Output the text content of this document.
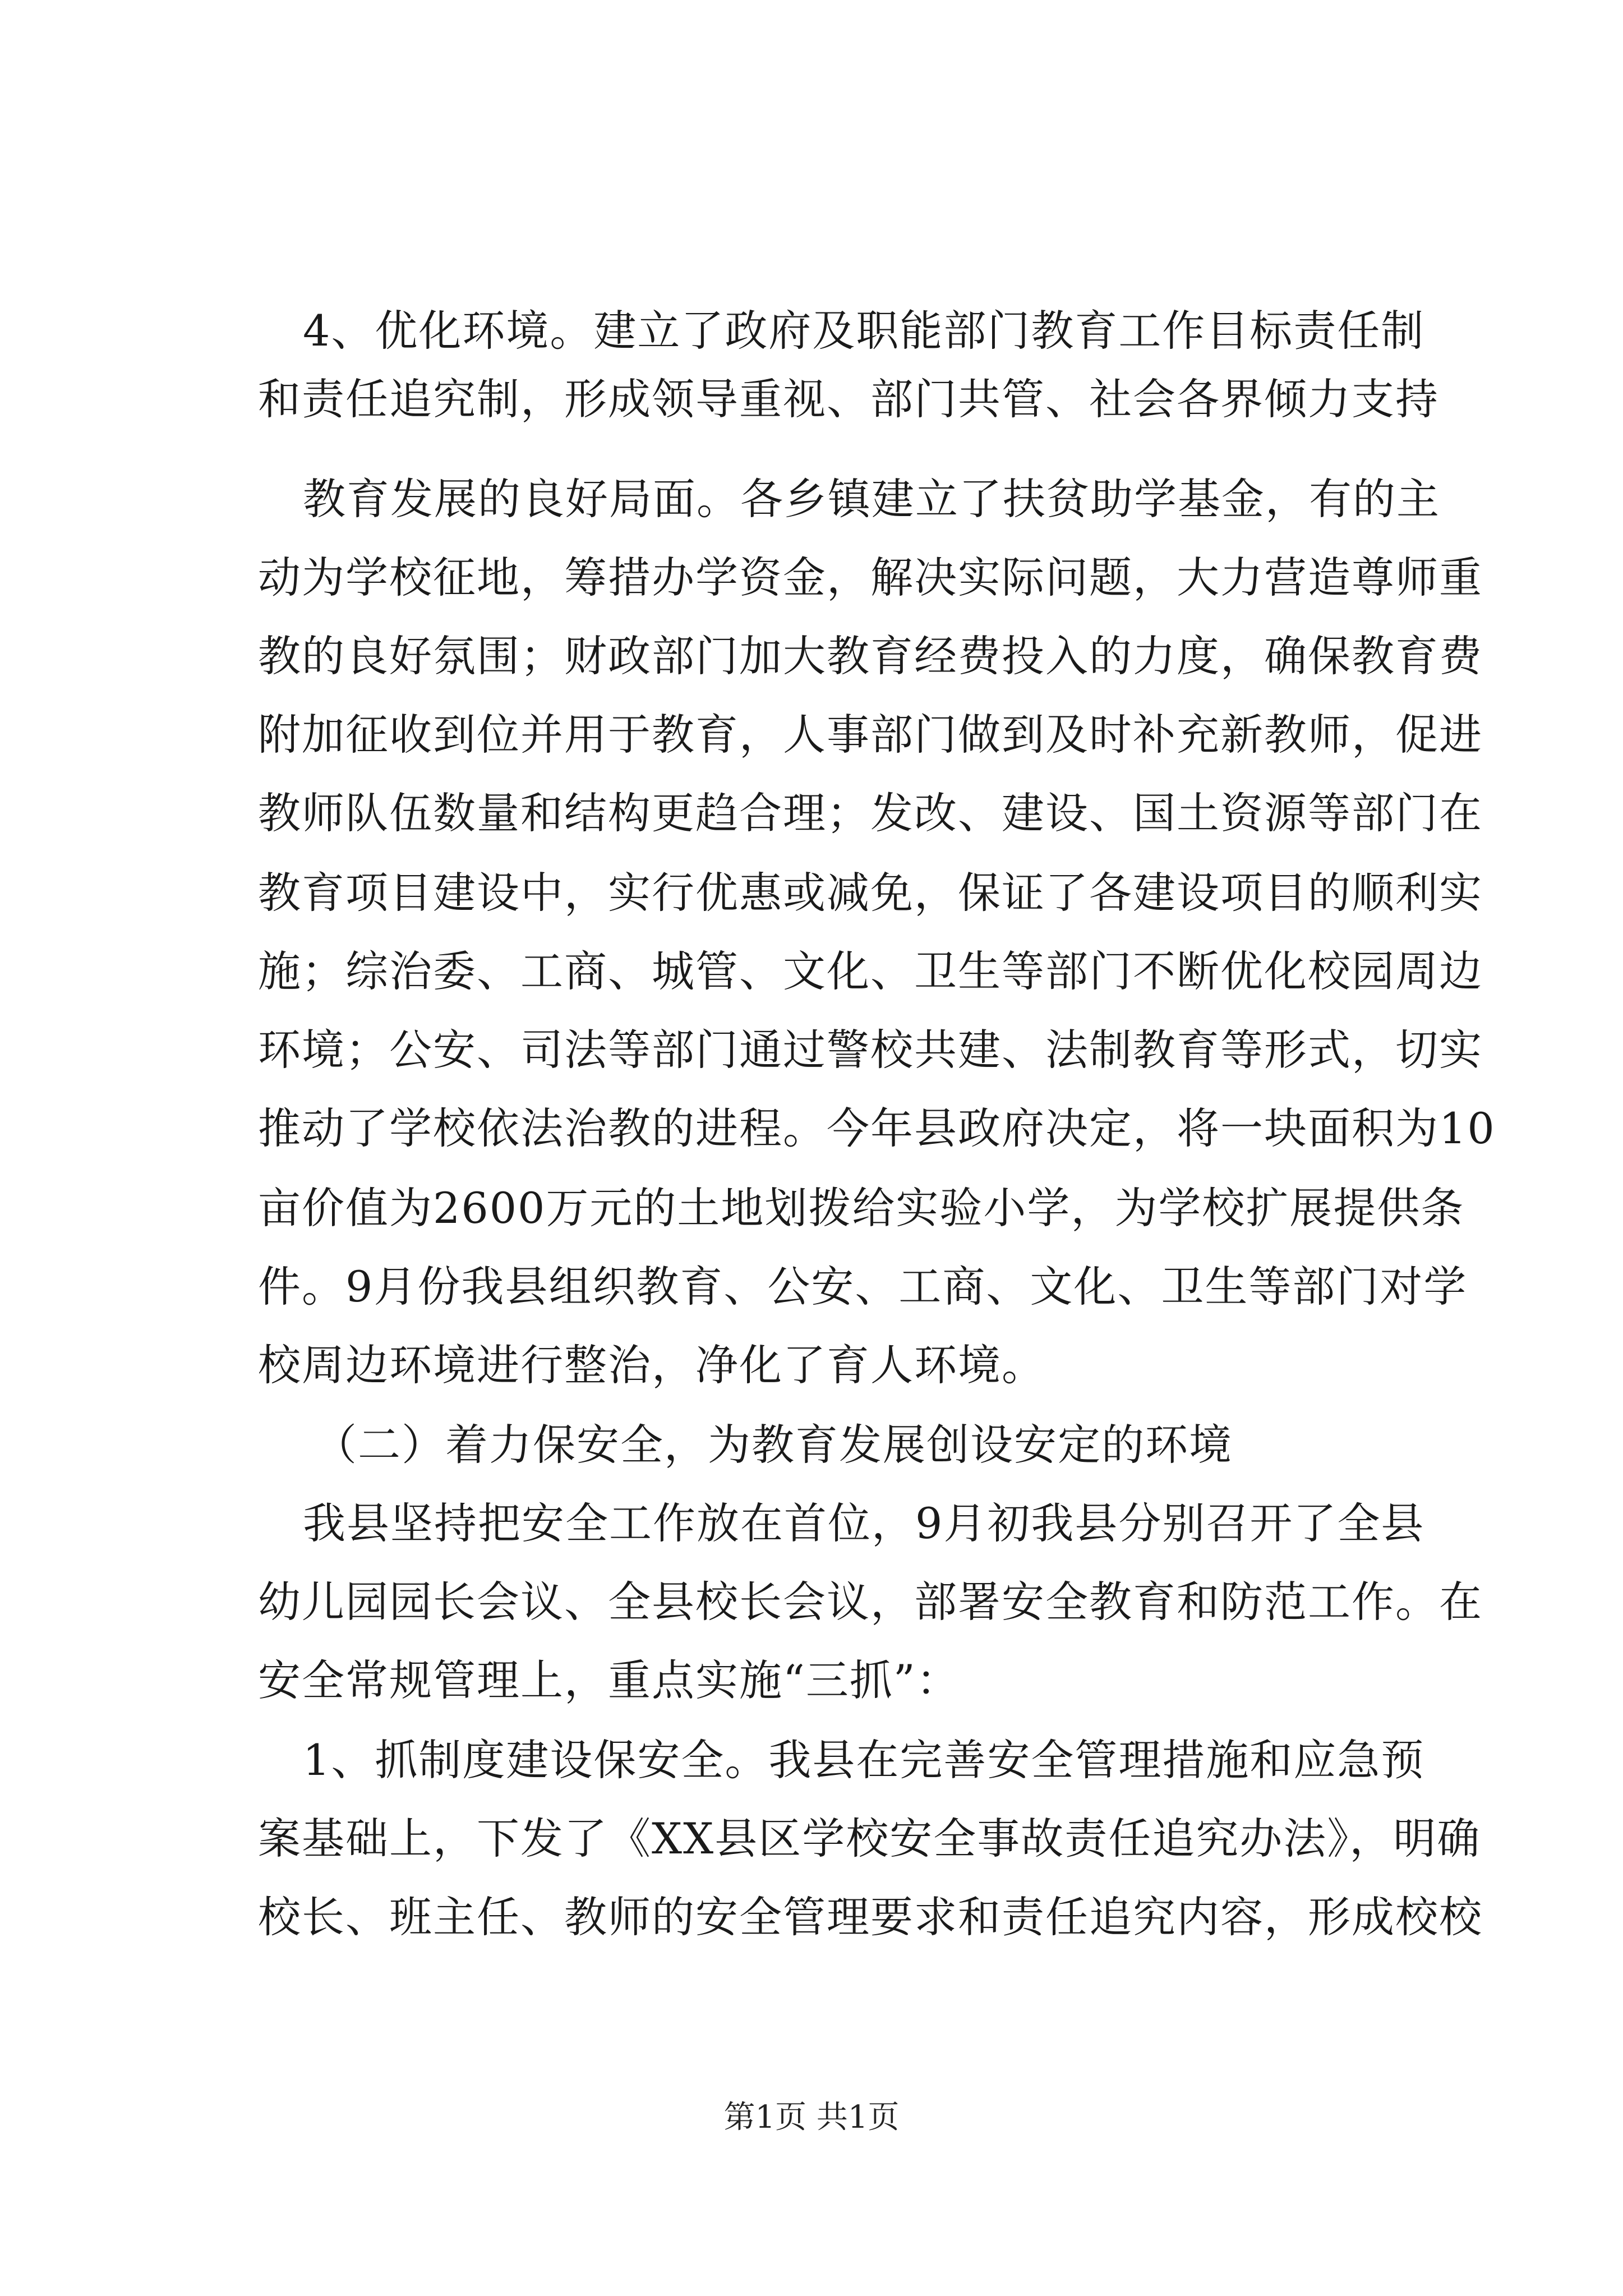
4、优化环境。建立了政府及职能部门教育工作目标责任制
和责任追究制，形成领导重视、部门共管、社会各界倾力支持
教育发展的良好局面。各乡镇建立了扶贫助学基金，有的主
动为学校征地，筹措办学资金，解决实际问题，大力营造尊师重
教的良好氛围；财政部门加大教育经费投入的力度，确保教育费
附加征收到位并用于教育，人事部门做到及时补充新教师，促进
教师队伍数量和结构更趋合理；发改、建设、国土资源等部门在
教育项目建设中，实行优惠或减免，保证了各建设项目的顺利实
施；综治委、工商、城管、文化、卫生等部门不断优化校园周边
环境；公安、司法等部门通过警校共建、法制教育等形式，切实
推动了学校依法治教的进程。今年县政府决定，将一块面积为10
亩价值为2600万元的土地划拨给实验小学，为学校扩展提供条
件。9月份我县组织教育、公安、工商、文化、卫生等部门对学
校周边环境进行整治，净化了育人环境。
（二）着力保安全，为教育发展创设安定的环境
我县坚持把安全工作放在首位，9月初我县分别召开了全县
幼儿园园长会议、全县校长会议，部署安全教育和防范工作。在
安全常规管理上，重点实施“三抓”：
1、抓制度建设保安全。我县在完善安全管理措施和应急预
案基础上，下发了《XX县区学校安全事故责任追究办法》，明确
校长、班主任、教师的安全管理要求和责任追究内容，形成校校
第1页 共1页
